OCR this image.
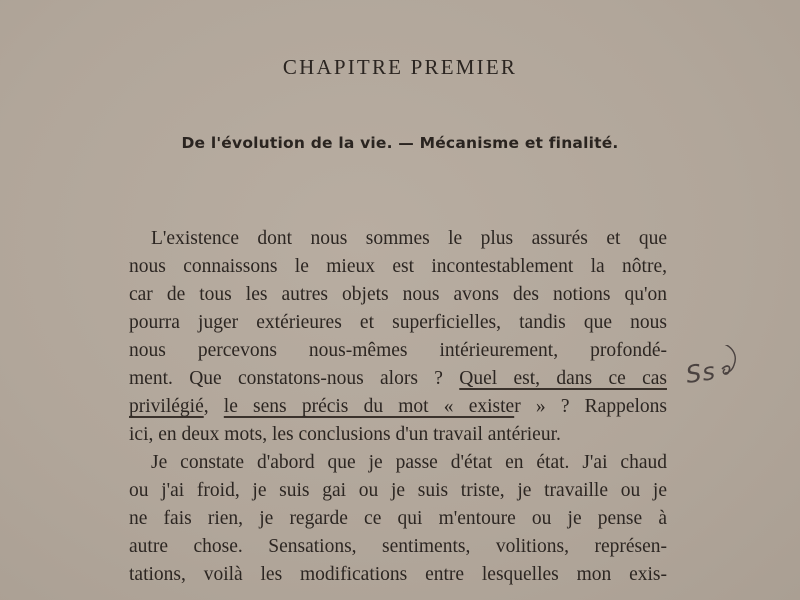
CHAPITRE PREMIER
De l'évolution de la vie. — Mécanisme et finalité.
L'existence dont nous sommes le plus assurés et que
nous connaissons le mieux est incontestablement la nôtre,
car de tous les autres objets nous avons des notions qu'on
pourra juger extérieures et superficielles, tandis que nous
nous percevons nous-mêmes intérieurement, profondé-
ment. Que constatons-nous alors ? Quel est, dans ce cas
privilégié, le sens précis du mot « exister » ? Rappelons
ici, en deux mots, les conclusions d'un travail antérieur.
Je constate d'abord que je passe d'état en état. J'ai chaud
ou j'ai froid, je suis gai ou je suis triste, je travaille ou je
ne fais rien, je regarde ce qui m'entoure ou je pense à
autre chose. Sensations, sentiments, volitions, représen-
tations, voilà les modifications entre lesquelles mon exis-
Ss
